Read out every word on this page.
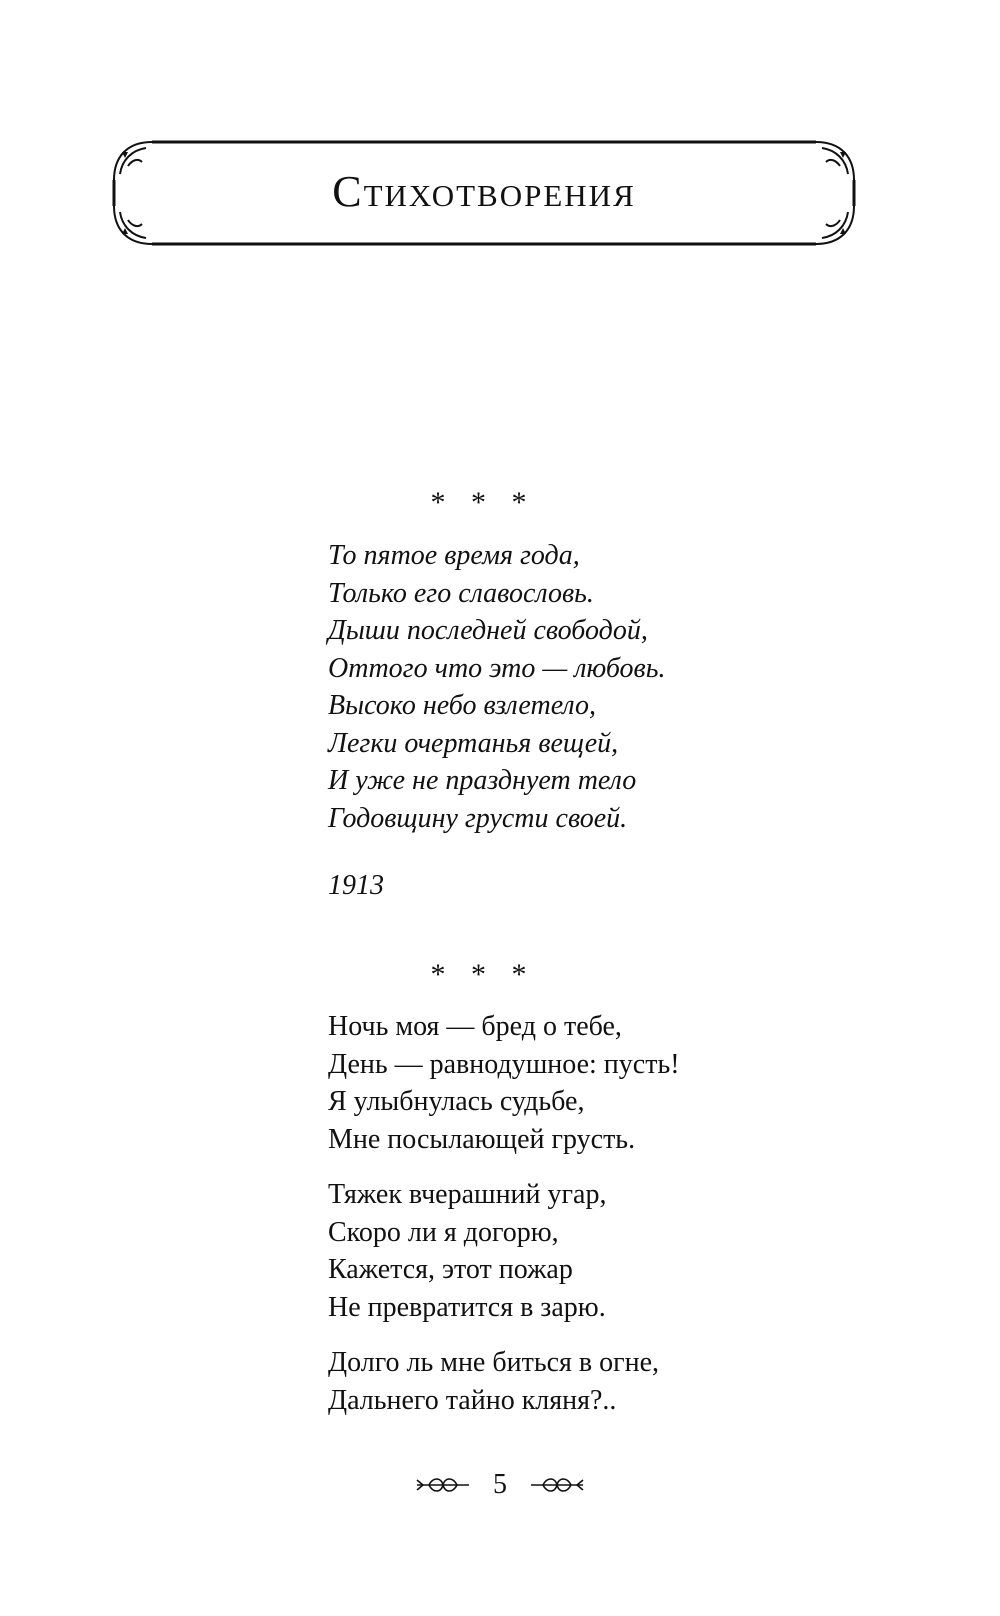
Стихотворения
* * *
То пятое время года,
Только его славословь.
Дыши последней свободой,
Оттого что это — любовь.
Высоко небо взлетело,
Легки очертанья вещей,
И уже не празднует тело
Годовщину грусти своей.
1913
* * *
Ночь моя — бред о тебе,
День — равнодушное: пусть!
Я улыбнулась судьбе,
Мне посылающей грусть.
Тяжек вчерашний угар,
Скоро ли я догорю,
Кажется, этот пожар
Не превратится в зарю.
Долго ль мне биться в огне,
Дальнего тайно кляня?..
5
